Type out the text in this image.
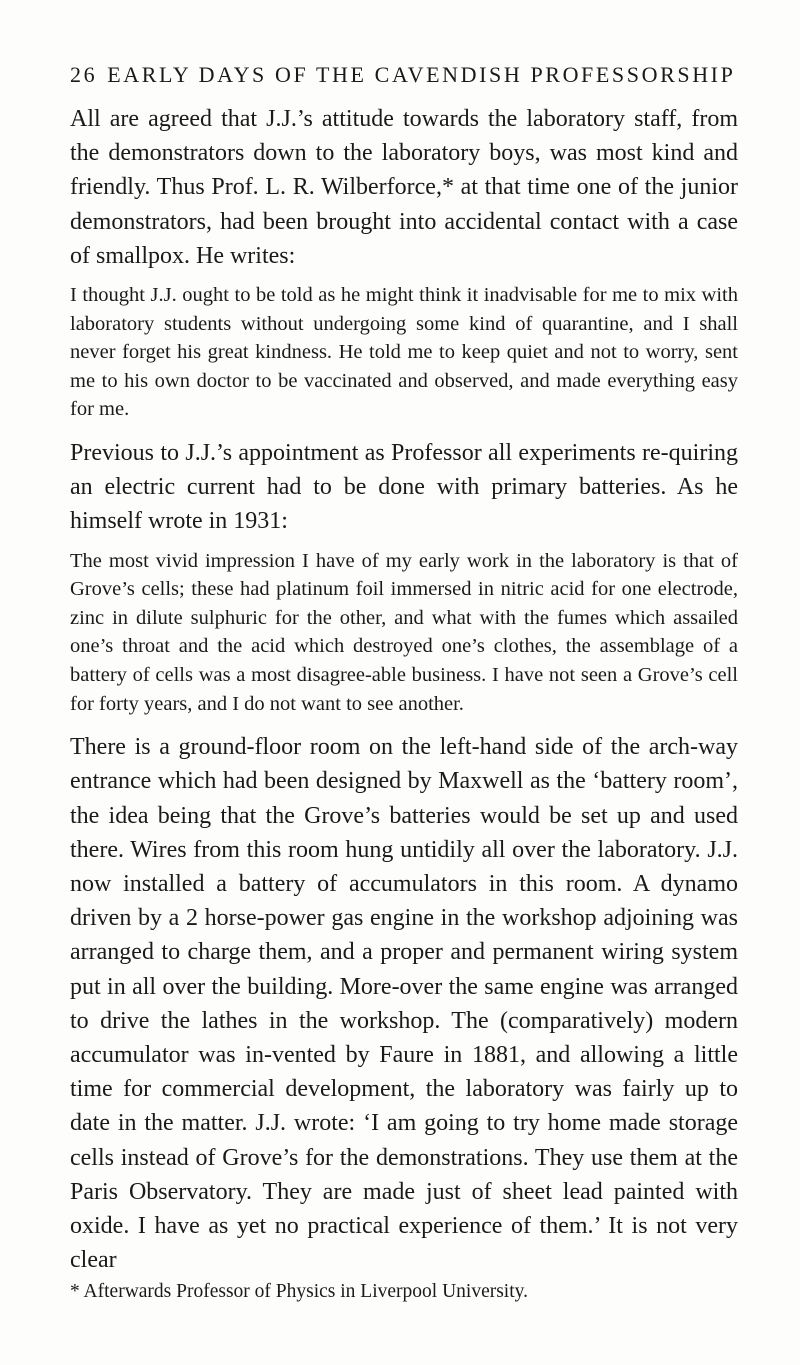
26 EARLY DAYS OF THE CAVENDISH PROFESSORSHIP

All are agreed that J.J.’s attitude towards the laboratory staff, from the demonstrators down to the laboratory boys, was most kind and friendly. Thus Prof. L. R. Wilberforce,* at that time one of the junior demonstrators, had been brought into accidental contact with a case of smallpox. He writes:

I thought J.J. ought to be told as he might think it inadvisable for me to mix with laboratory students without undergoing some kind of quarantine, and I shall never forget his great kindness. He told me to keep quiet and not to worry, sent me to his own doctor to be vaccinated and observed, and made everything easy for me.

Previous to J.J.’s appointment as Professor all experiments re-quiring an electric current had to be done with primary batteries. As he himself wrote in 1931:

The most vivid impression I have of my early work in the laboratory is that of Grove’s cells; these had platinum foil immersed in nitric acid for one electrode, zinc in dilute sulphuric for the other, and what with the fumes which assailed one’s throat and the acid which destroyed one’s clothes, the assemblage of a battery of cells was a most disagree-able business. I have not seen a Grove’s cell for forty years, and I do not want to see another.

There is a ground-floor room on the left-hand side of the arch-way entrance which had been designed by Maxwell as the ‘battery room’, the idea being that the Grove’s batteries would be set up and used there. Wires from this room hung untidily all over the laboratory. J.J. now installed a battery of accumulators in this room. A dynamo driven by a 2 horse-power gas engine in the workshop adjoining was arranged to charge them, and a proper and permanent wiring system put in all over the building. More-over the same engine was arranged to drive the lathes in the workshop. The (comparatively) modern accumulator was in-vented by Faure in 1881, and allowing a little time for commercial development, the laboratory was fairly up to date in the matter. J.J. wrote: ‘I am going to try home made storage cells instead of Grove’s for the demonstrations. They use them at the Paris Observatory. They are made just of sheet lead painted with oxide. I have as yet no practical experience of them.’ It is not very clear

* Afterwards Professor of Physics in Liverpool University.
